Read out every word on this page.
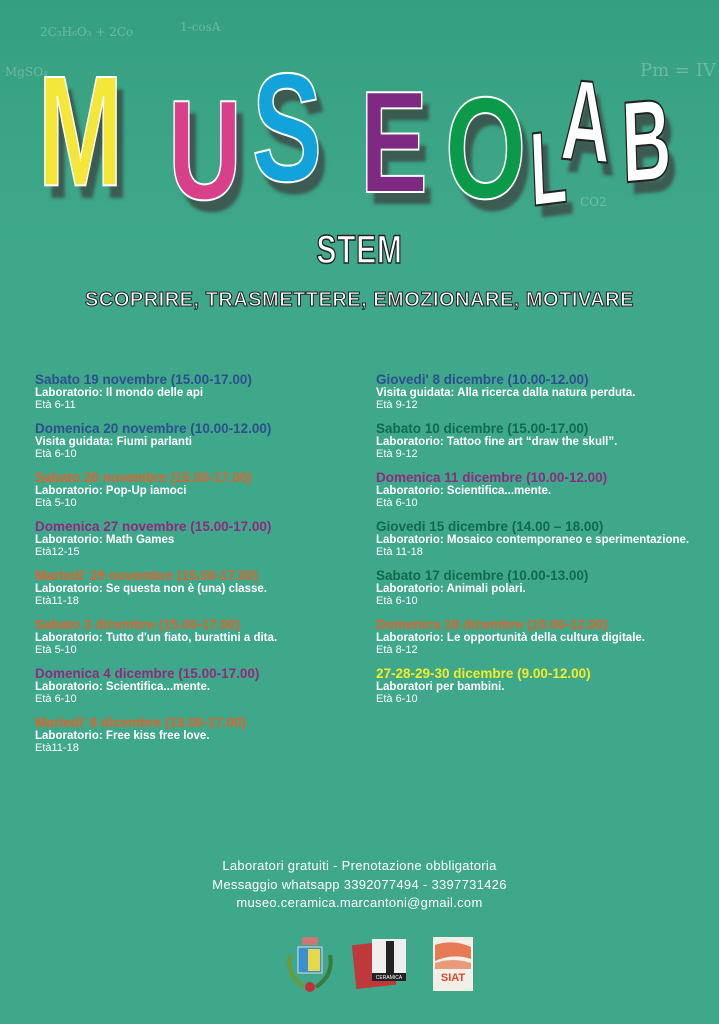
2C₃H₆O₃ + 2Co	1-cosA
Pm = IV
MgSO₄
CO2
M U S E O L
A B
STEM
SCOPRIRE, TRASMETTERE, EMOZIONARE, MOTIVARE
Sabato 19 novembre (15.00-17.00)
Laboratorio: Il mondo delle api
Età 6-11
Domenica 20 novembre (10.00-12.00)
Visita guidata: Fiumi parlanti
Età 6-10
Sabato 26 novembre (15.00-17.00)
Laboratorio: Pop-Up iamoci
Età 5-10
Domenica 27 novembre (15.00-17.00)
Laboratorio: Math Games
Età12-15
Martedi' 29 novembre (15.00-17.00)
Laboratorio: Se questa non è (una) classe.
Età11-18
Sabato 3 dicembre (15.00-17.00)
Laboratorio: Tutto d'un fiato, burattini a dita.
Età 5-10
Domenica 4 dicembre (15.00-17.00)
Laboratorio: Scientifica...mente.
Età 6-10
Martedi' 6 dicembre (15.00-17.00)
Laboratorio: Free kiss free love.
Età11-18
Giovedi' 8 dicembre (10.00-12.00)
Visita guidata: Alla ricerca dalla natura perduta.
Età 9-12
Sabato 10 dicembre (15.00-17.00)
Laboratorio: Tattoo fine art “draw the skull”.
Età 9-12
Domenica 11 dicembre (10.00-12.00)
Laboratorio: Scientifica...mente.
Età 6-10
Giovedi 15 dicembre (14.00 – 18.00)
Laboratorio: Mosaico contemporaneo e sperimentazione.
Età 11-18
Sabato 17 dicembre (10.00-13.00)
Laboratorio: Animali polari.
Età 6-10
Domenica 18 dicembre (10.00-12.00)
Laboratorio: Le opportunità della cultura digitale.
Età 8-12
27-28-29-30 dicembre (9.00-12.00)
Laboratori per bambini.
Età 6-10
Laboratori gratuiti - Prenotazione obbligatoria
Messaggio whatsapp 3392077494 - 3397731426
museo.ceramica.marcantoni@gmail.com
CERAMICA	SIAT
